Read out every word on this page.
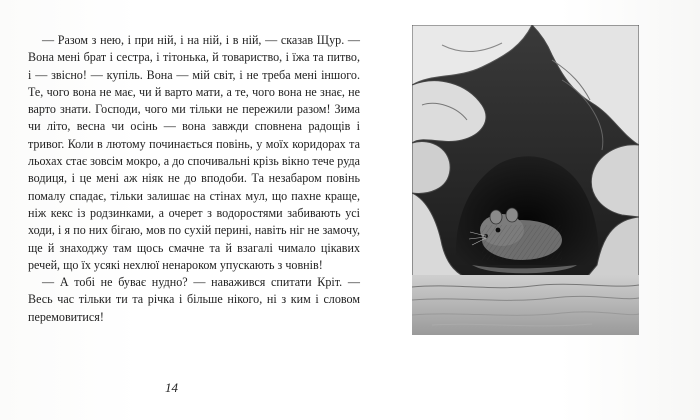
— Разом з нею, і при ній, і на ній, і в ній, — сказав Щур. — Вона мені брат і сестра, і тітонька, й товариство, і їжа та питво, і — звісно! — купіль. Вона — мій світ, і не треба мені іншого. Те, чого вона не має, чи й варто мати, а те, чого вона не знає, не варто знати. Господи, чого ми тільки не пережили разом! Зима чи літо, весна чи осінь — вона завжди сповнена радощів і тривог. Коли в лютому починається повінь, у моїх коридорах та льохах стає зовсім мокро, а до спочивальні крізь вікно тече руда водиця, і це мені аж ніяк не до вподоби. Та незабаром повінь помалу спадає, тільки залишає на стінах мул, що пахне краще, ніж кекс із родзинками, а очерет з водоростями забивають усі ходи, і я по них бігаю, мов по сухій перині, навіть ніг не замочу, ще й знаходжу там щось смачне та й взагалі чимало цікавих речей, що їх усякі нехлюї ненароком упускають з човнів!

— А тобі не буває нудно? — наважився спитати Кріт. — Весь час тільки ти та річка і більше нікого, ні з ким і словом перемовитися!

14
